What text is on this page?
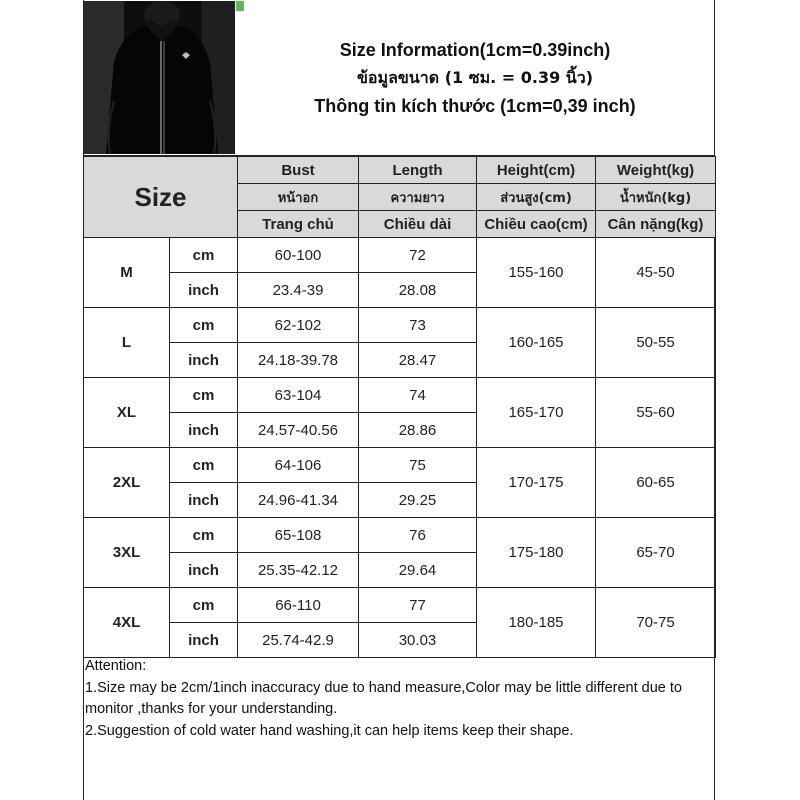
Size Information(1cm=0.39inch)
ข้อมูลขนาด (1 ซม. = 0.39 นิ้ว)
Thông tin kích thước (1cm=0,39 inch)
Size		Bust	Length	Height(cm)	Weight(kg)
		หน้าอก	ความยาว	ส่วนสูง(cm)	น้ำหนัก(kg)
		Trang chủ	Chiều dài	Chiều cao(cm)	Cân nặng(kg)
M	cm	60-100	72	155-160	45-50
	inch	23.4-39	28.08		
L	cm	62-102	73	160-165	50-55
	inch	24.18-39.78	28.47		
XL	cm	63-104	74	165-170	55-60
	inch	24.57-40.56	28.86		
2XL	cm	64-106	75	170-175	60-65
	inch	24.96-41.34	29.25		
3XL	cm	65-108	76	175-180	65-70
	inch	25.35-42.12	29.64		
4XL	cm	66-110	77	180-185	70-75
	inch	25.74-42.9	30.03		
Attention:
1.Size may be 2cm/1inch inaccuracy due to hand measure,Color may be little different due to monitor ,thanks for your understanding.
2.Suggestion of cold water hand washing,it can help items keep their shape.
